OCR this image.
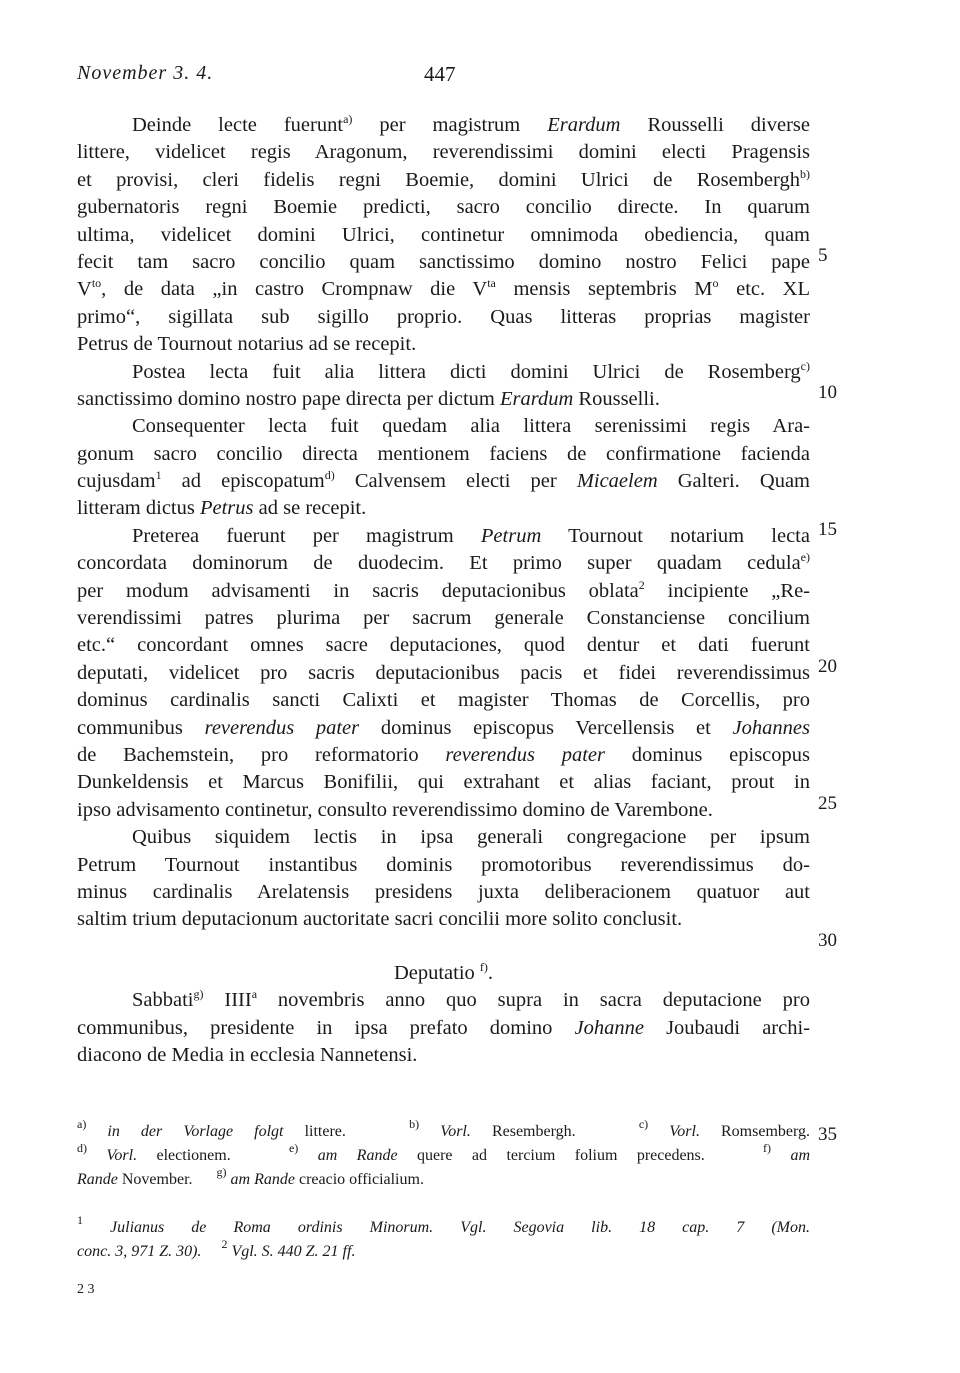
November 3. 4.	447
Deinde lecte fuerunt$^{a)}$ per magistrum Erardum Rousselli diverse
littere, videlicet regis Aragonum, reverendissimi domini electi Pragensis
et provisi, cleri fidelis regni Boemie, domini Ulrici de Rosembergh$^{b)}$
gubernatoris regni Boemie predicti, sacro concilio directe. In quarum
ultima, videlicet domini Ulrici, continetur omnimoda obediencia, quam
fecit tam sacro concilio quam sanctissimo domino nostro Felici pape
$V^{to}$, de data „in castro Crompnaw die $V^{ta}$ mensis septembris $M^o$ etc. XL
primo“, sigillata sub sigillo proprio. Quas litteras proprias magister
Petrus de Tournout notarius ad se recepit.
Postea lecta fuit alia littera dicti domini Ulrici de Rosemberg$^{c)}$
sanctissimo domino nostro pape directa per dictum Erardum Rousselli.
Consequenter lecta fuit quedam alia littera serenissimi regis Ara-
gonum sacro concilio directa mentionem faciens de confirmatione facienda
cujusdam$^1$ ad episcopatum$^{d)}$ Calvensem electi per Micaelem Galteri. Quam
litteram dictus Petrus ad se recepit.
Preterea fuerunt per magistrum Petrum Tournout notarium lecta
concordata dominorum de duodecim. Et primo super quadam cedula$^{e)}$
per modum advisamenti in sacris deputacionibus oblata$^2$ incipiente „Re-
verendissimi patres plurima per sacrum generale Constanciense concilium
etc.“ concordant omnes sacre deputaciones, quod dentur et dati fuerunt
deputati, videlicet pro sacris deputacionibus pacis et fidei reverendissimus
dominus cardinalis sancti Calixti et magister Thomas de Corcellis, pro
communibus reverendus pater dominus episcopus Vercellensis et Johannes
de Bachemstein, pro reformatorio reverendus pater dominus episcopus
Dunkeldensis et Marcus Bonifilii, qui extrahant et alias faciant, prout in
ipso advisamento continetur, consulto reverendissimo domino de Varembone.
Quibus siquidem lectis in ipsa generali congregacione per ipsum
Petrum Tournout instantibus dominis promotoribus reverendissimus do-
minus cardinalis Arelatensis presidens juxta deliberacionem quatuor aut
saltim trium deputacionum auctoritate sacri concilii more solito conclusit.
Deputatio $^{f)}$.
Sabbati$^{g)}$ IIII$^a$ novembris anno quo supra in sacra deputacione pro
communibus, presidente in ipsa prefato domino Johanne Joubaudi archi-
diacono de Media in ecclesia Nannetensi.
5
10
15
20
25
30
35
$^{a)}$ in der Vorlage folgt littere.   $^{b)}$ Vorl. Resembergh.   $^{c)}$ Vorl. Romsemberg.
$^{d)}$ Vorl. electionem.   $^{e)}$ am Rande quere ad tercium folium precedens.   $^{f)}$ am
Rande November.      $^{g)}$ am Rande creacio officialium.
$^1$ Julianus de Roma ordinis Minorum. Vgl. Segovia lib. 18 cap. 7 (Mon.
conc. 3, 971 Z. 30). $^2$ Vgl. S. 440 Z. 21 ff.
2 3
